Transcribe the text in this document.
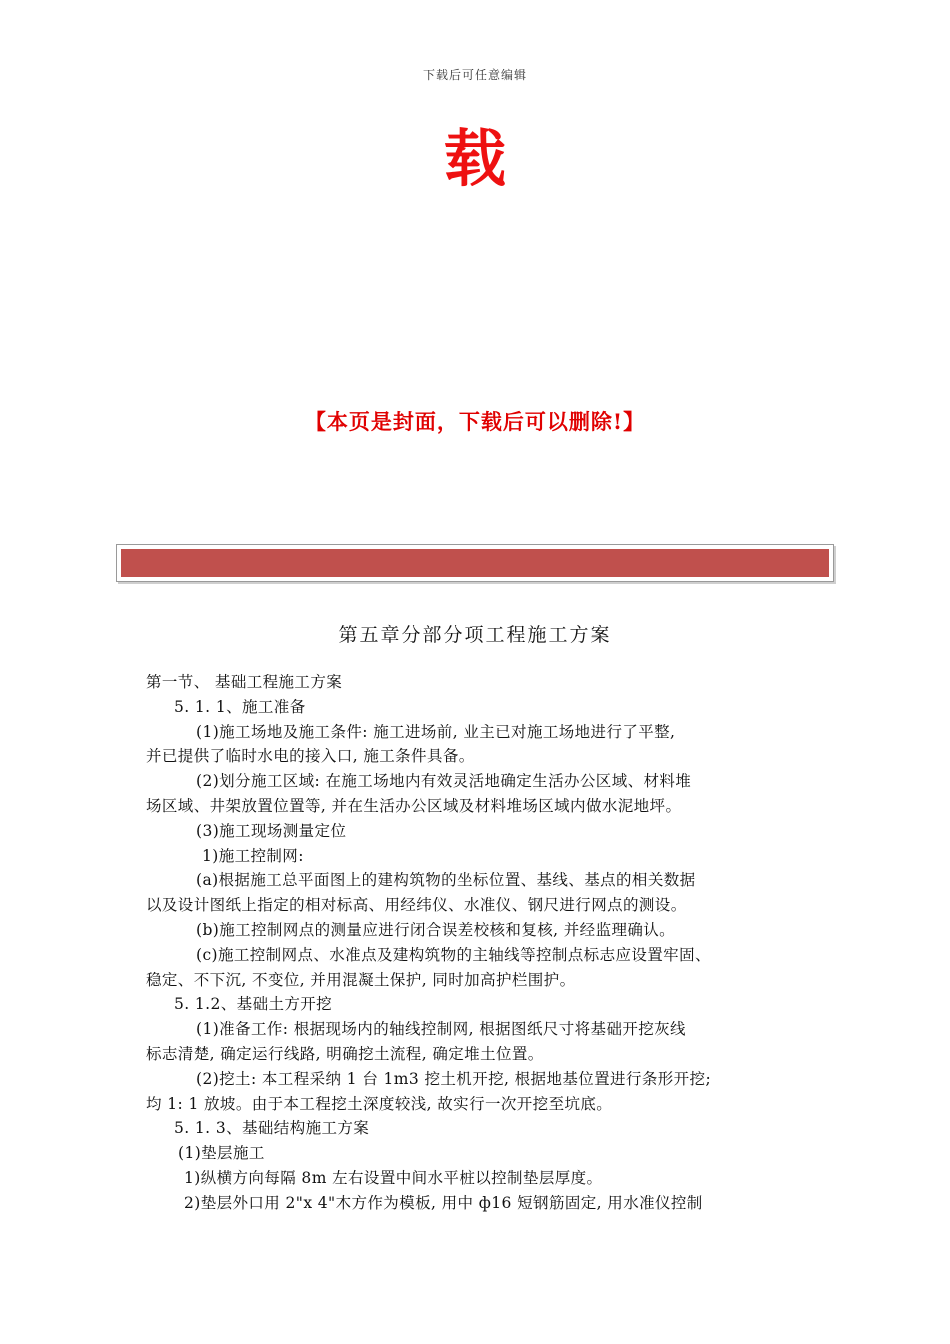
下载后可任意编辑
载
【本页是封面，下载后可以删除!】
第五章分部分项工程施工方案
第一节、 基础工程施工方案
5. 1. 1、施工准备
(1)施工场地及施工条件: 施工进场前, 业主已对施工场地进行了平整,
并已提供了临时水电的接入口, 施工条件具备。
(2)划分施工区域: 在施工场地内有效灵活地确定生活办公区域、材料堆
场区域、井架放置位置等, 并在生活办公区域及材料堆场区域内做水泥地坪。
(3)施工现场测量定位
1)施工控制网:
(a)根据施工总平面图上的建构筑物的坐标位置、基线、基点的相关数据
以及设计图纸上指定的相对标高、用经纬仪、水准仪、钢尺进行网点的测设。
(b)施工控制网点的测量应进行闭合误差校核和复核, 并经监理确认。
(c)施工控制网点、水准点及建构筑物的主轴线等控制点标志应设置牢固、
稳定、不下沉, 不变位, 并用混凝土保护, 同时加高护栏围护。
5. 1.2、基础土方开挖
(1)准备工作: 根据现场内的轴线控制网, 根据图纸尺寸将基础开挖灰线
标志清楚, 确定运行线路, 明确挖土流程, 确定堆土位置。
(2)挖土: 本工程采纳 1 台 1m3 挖土机开挖, 根据地基位置进行条形开挖;
均 1: 1 放坡。由于本工程挖土深度较浅, 故实行一次开挖至坑底。
5. 1. 3、基础结构施工方案
(1)垫层施工
1)纵横方向每隔 8m 左右设置中间水平桩以控制垫层厚度。
2)垫层外口用 2"x 4"木方作为模板, 用中 ф16 短钢筋固定, 用水准仪控制
